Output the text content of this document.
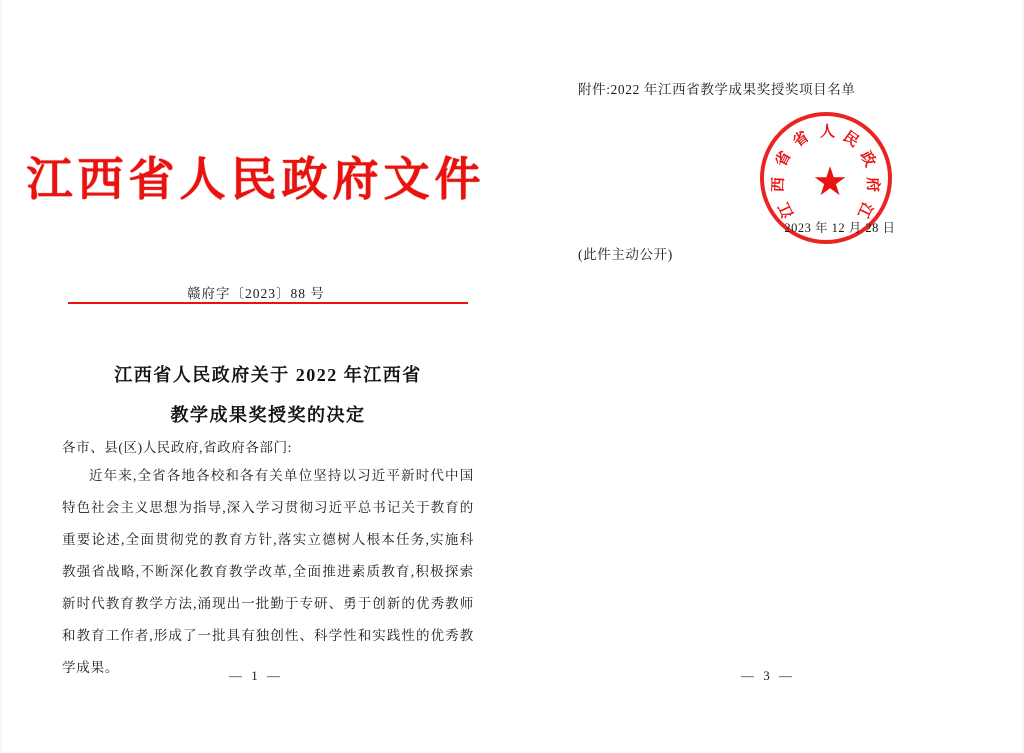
江西省人民政府文件
赣府字〔2023〕88 号
江西省人民政府关于 2022 年江西省
教学成果奖授奖的决定
各市、县(区)人民政府,省政府各部门:
近年来,全省各地各校和各有关单位坚持以习近平新时代中国特色社会主义思想为指导,深入学习贯彻习近平总书记关于教育的重要论述,全面贯彻党的教育方针,落实立德树人根本任务,实施科教强省战略,不断深化教育教学改革,全面推进素质教育,积极探索新时代教育教学方法,涌现出一批勤于专研、勇于创新的优秀教师和教育工作者,形成了一批具有独创性、科学性和实践性的优秀教学成果。
— 1 —
附件:2022 年江西省教学成果奖授奖项目名单
★
人 民
政
府
江
江
西
省
省
2023 年 12 月 28 日
(此件主动公开)
— 3 —
